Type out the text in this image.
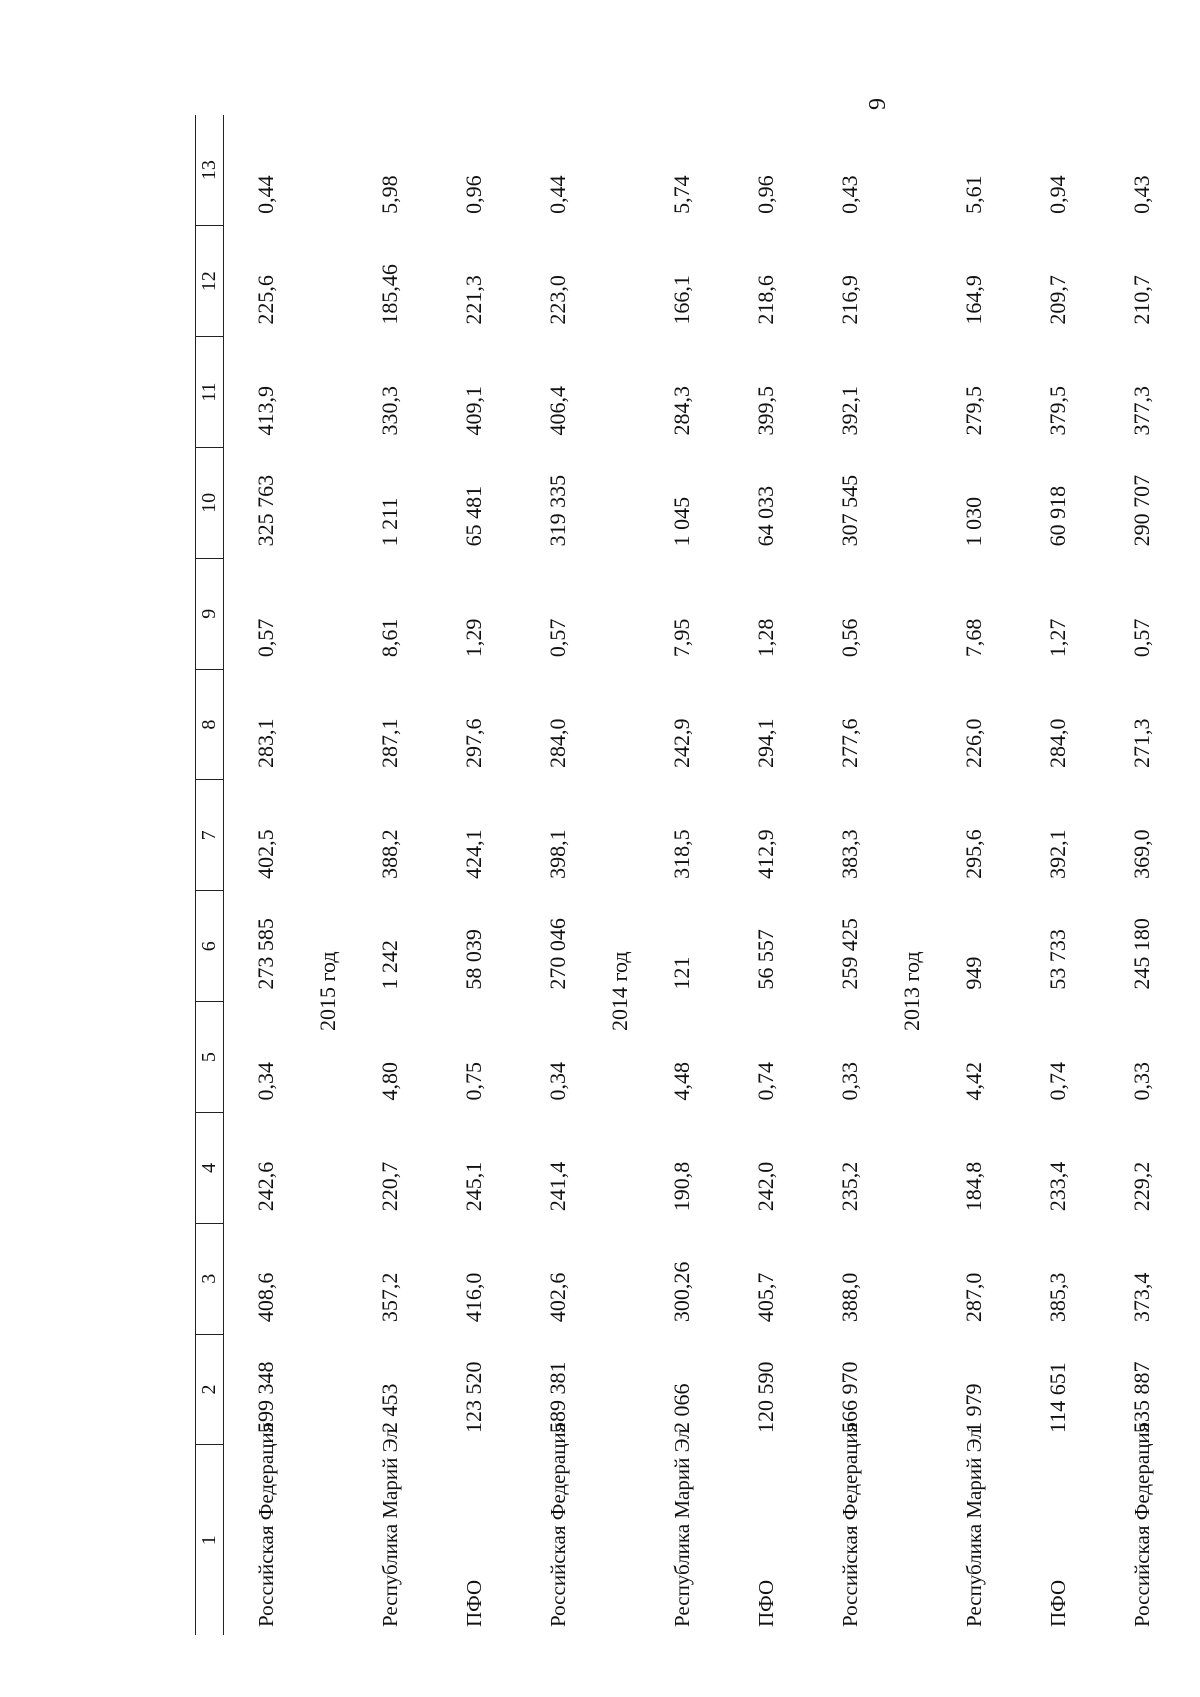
9
1	2	3	4	5	6	7	8	9	10	11	12	13
Российская Федерация	599 348	408,6	242,6	0,34	273 585	402,5	283,1	0,57	325 763	413,9	225,6	0,44
2015 год												
Республика Марий Эл	2 453	357,2	220,7	4,80	1 242	388,2	287,1	8,61	1 211	330,3	185,46	5,98
ПФО	123 520	416,0	245,1	0,75	58 039	424,1	297,6	1,29	65 481	409,1	221,3	0,96
Российская Федерация	589 381	402,6	241,4	0,34	270 046	398,1	284,0	0,57	319 335	406,4	223,0	0,44
2014 год												
Республика Марий Эл	2 066	300,26	190,8	4,48	121	318,5	242,9	7,95	1 045	284,3	166,1	5,74
ПФО	120 590	405,7	242,0	0,74	56 557	412,9	294,1	1,28	64 033	399,5	218,6	0,96
Российская Федерация	566 970	388,0	235,2	0,33	259 425	383,3	277,6	0,56	307 545	392,1	216,9	0,43
2013 год												
Республика Марий Эл	1 979	287,0	184,8	4,42	949	295,6	226,0	7,68	1 030	279,5	164,9	5,61
ПФО	114 651	385,3	233,4	0,74	53 733	392,1	284,0	1,27	60 918	379,5	209,7	0,94
Российская Федерация	535 887	373,4	229,2	0,33	245 180	369,0	271,3	0,57	290 707	377,3	210,7	0,43
